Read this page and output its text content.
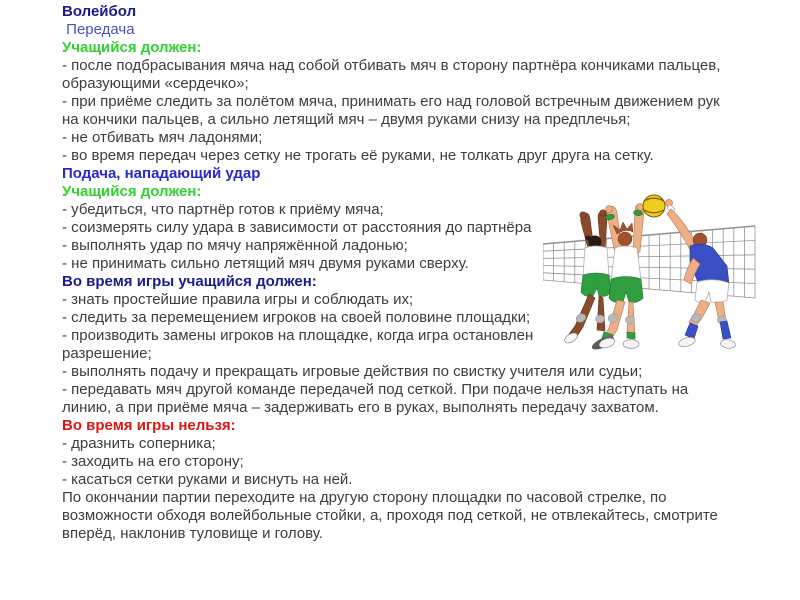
Волейбол
Передача
Учащийся должен:
- после подбрасывания мяча над собой отбивать мяч в сторону партнёра кончиками пальцев,
образующими «сердечко»;
- при приёме следить за полётом мяча, принимать его над головой встречным движением рук
на кончики пальцев, а сильно летящий мяч – двумя руками снизу на предплечья;
- не отбивать мяч ладонями;
- во время передач через сетку не трогать её руками, не толкать друг друга на сетку.
Подача, нападающий удар
Учащийся должен:
- убедиться, что партнёр готов к приёму мяча;
- соизмерять силу удара в зависимости от расстояния до партнёра
- выполнять удар по мячу напряжённой ладонью;
- не принимать сильно летящий мяч двумя руками сверху.
Во время игры учащийся должен:
- знать простейшие правила игры и соблюдать их;
- следить за перемещением игроков на своей половине площадки;
- производить замены игроков на площадке, когда игра остановлен
разрешение;
- выполнять подачу и прекращать игровые действия по свистку учителя или судьи;
- передавать мяч другой команде передачей под сеткой. При подаче нельзя наступать на
линию, а при приёме мяча – задерживать его в руках, выполнять передачу захватом.
Во время игры нельзя:
- дразнить соперника;
- заходить на его сторону;
- касаться сетки руками и виснуть на ней.
По окончании партии переходите на другую сторону площадки по часовой стрелке, по
возможности обходя волейбольные стойки, а, проходя под сеткой, не отвлекайтесь, смотрите
вперёд, наклонив туловище и голову.
